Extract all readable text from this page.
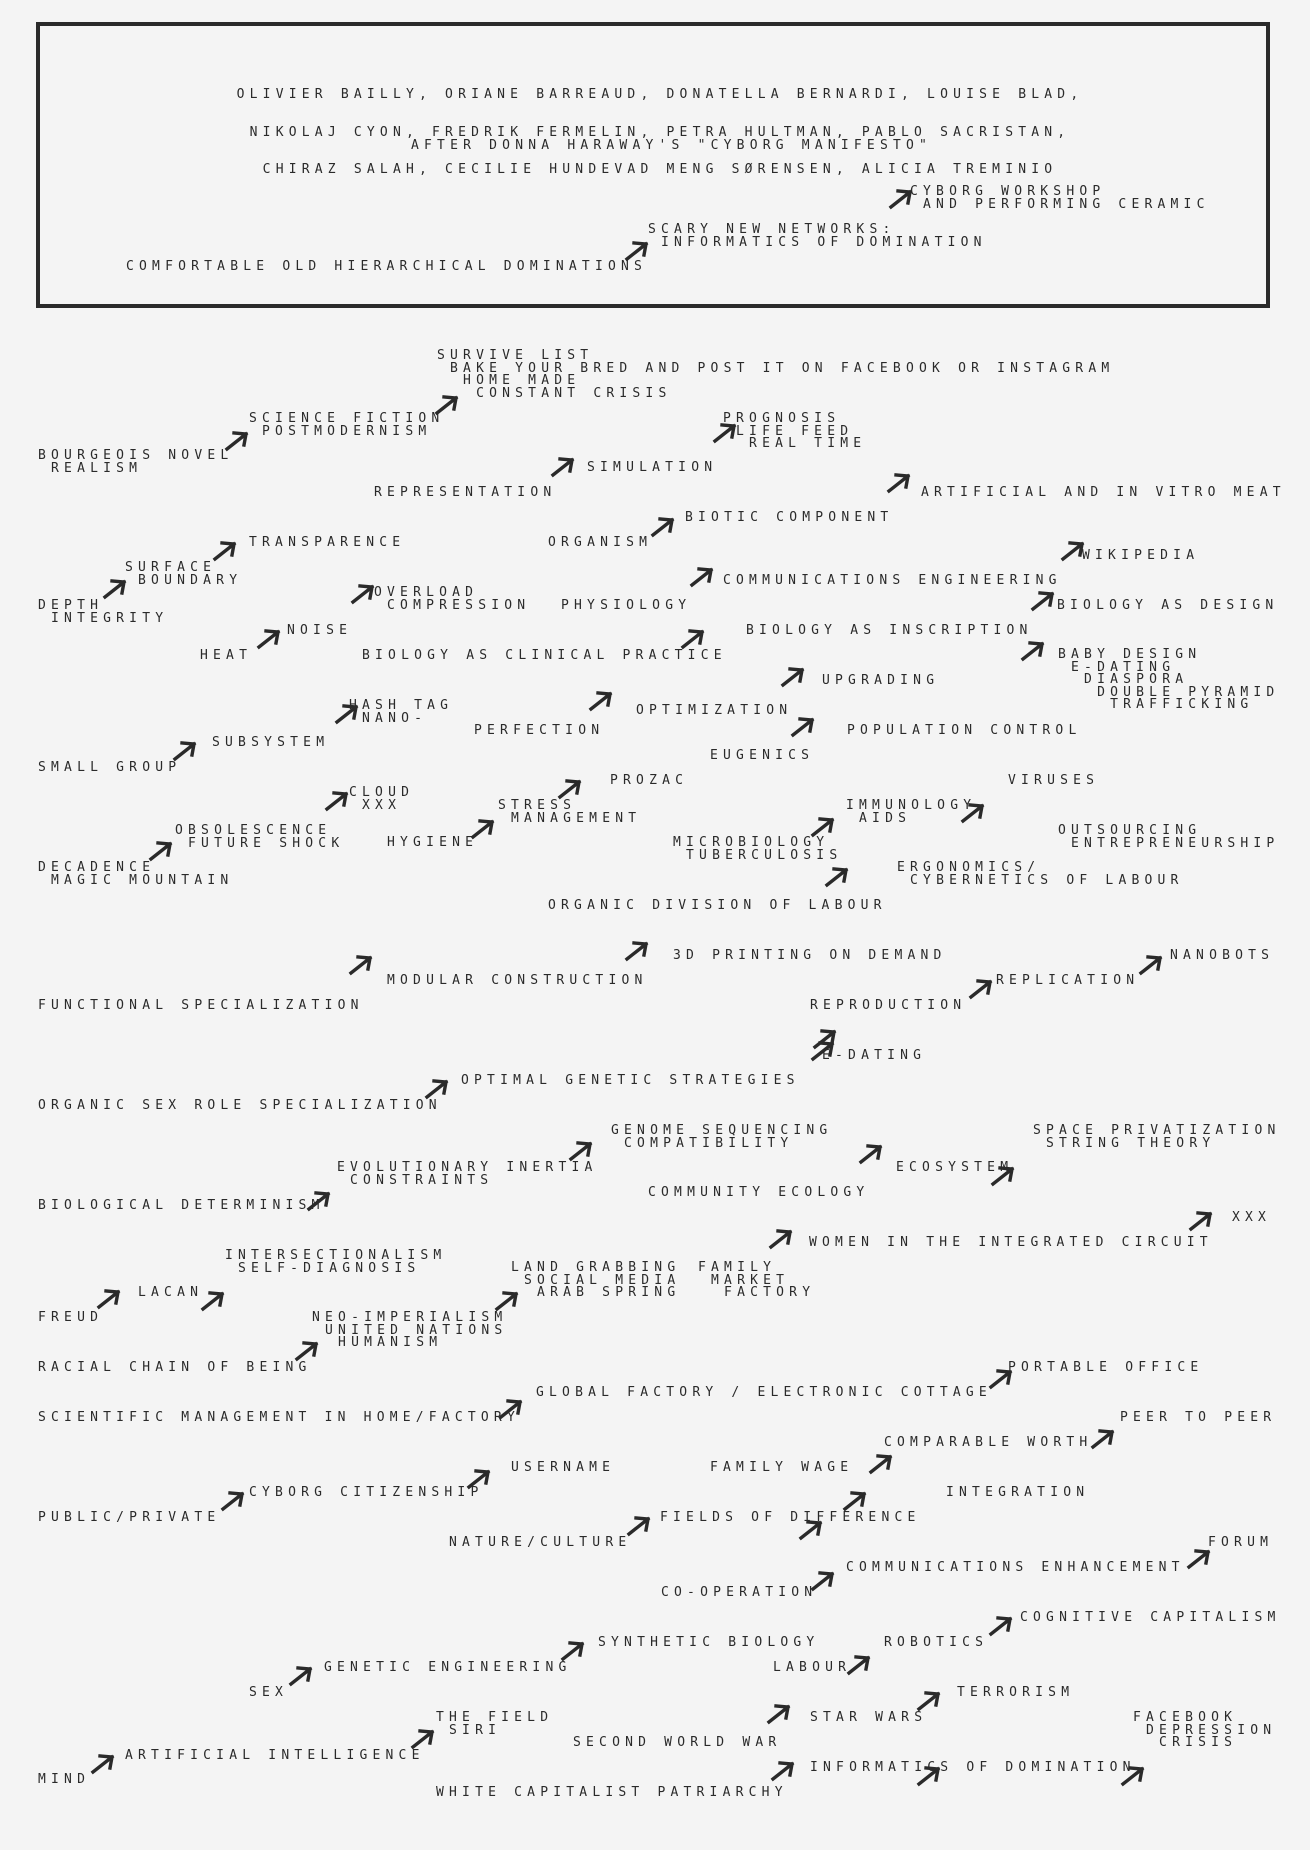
OLIVIER BAILLY, ORIANE BARREAUD, DONATELLA BERNARDI, LOUISE BLAD,

NIKOLAJ CYON, FREDRIK FERMELIN, PETRA HULTMAN, PABLO SACRISTAN,

CHIRAZ SALAH, CECILIE HUNDEVAD MENG SØRENSEN, ALICIA TREMINIO

AFTER DONNA HARAWAY'S "CYBORG MANIFESTO"
COMFORTABLE OLD HIERARCHICAL DOMINATIONS
SCARY NEW NETWORKS:
INFORMATICS OF DOMINATION
CYBORG WORKSHOP
AND PERFORMING CERAMIC
SURVIVE LIST
BAKE YOUR BRED AND POST IT ON FACEBOOK OR INSTAGRAM
HOME MADE
CONSTANT CRISIS
SCIENCE FICTION
POSTMODERNISM
BOURGEOIS NOVEL
REALISM
PROGNOSIS
LIFE FEED
REAL TIME
REPRESENTATION
SIMULATION
ARTIFICIAL AND IN VITRO MEAT
ORGANISM
BIOTIC COMPONENT
TRANSPARENCE
WIKIPEDIA
SURFACE
BOUNDARY
PHYSIOLOGY
COMMUNICATIONS ENGINEERING
OVERLOAD
COMPRESSION
DEPTH
INTEGRITY
BIOLOGY AS DESIGN
NOISE	BIOLOGY AS INSCRIPTION
HEAT	BIOLOGY AS CLINICAL PRACTICE	BABY DESIGN
E-DATING
DIASPORA
DOUBLE PYRAMID
TRAFFICKING
UPGRADING
HASH TAG
NANO-	OPTIMIZATION
PERFECTION	POPULATION CONTROL
SUBSYSTEM
EUGENICS
SMALL GROUP
PROZAC	VIRUSES
CLOUD
XXX	STRESS
MANAGEMENT
IMMUNOLOGY
AIDS
OBSOLESCENCE
FUTURE SHOCK	HYGIENE
OUTSOURCING
ENTREPRENEURSHIP
MICROBIOLOGY
TUBERCULOSIS
DECADENCE
MAGIC MOUNTAIN
ERGONOMICS/
CYBERNETICS OF LABOUR
ORGANIC DIVISION OF LABOUR
3D PRINTING ON DEMAND	NANOBOTS
MODULAR CONSTRUCTION	REPLICATION
FUNCTIONAL SPECIALIZATION	REPRODUCTION
E-DATING
OPTIMAL GENETIC STRATEGIES
ORGANIC SEX ROLE SPECIALIZATION
GENOME SEQUENCING
COMPATIBILITY
SPACE PRIVATIZATION
STRING THEORY
EVOLUTIONARY INERTIA
CONSTRAINTS
ECOSYSTEM
COMMUNITY ECOLOGY
BIOLOGICAL DETERMINISM
XXX
WOMEN IN THE INTEGRATED CIRCUIT
INTERSECTIONALISM
SELF-DIAGNOSIS	LAND GRABBING
SOCIAL MEDIA
ARAB SPRING
FAMILY
MARKET
FACTORY
LACAN
FREUD	NEO-IMPERIALISM
UNITED NATIONS
HUMANISM
RACIAL CHAIN OF BEING	PORTABLE OFFICE
GLOBAL FACTORY / ELECTRONIC COTTAGE
SCIENTIFIC MANAGEMENT IN HOME/FACTORY	PEER TO PEER
COMPARABLE WORTH
USERNAME	FAMILY WAGE
CYBORG CITIZENSHIP	INTEGRATION
PUBLIC/PRIVATE	FIELDS OF DIFFERENCE
NATURE/CULTURE	FORUM
COMMUNICATIONS ENHANCEMENT
CO-OPERATION
COGNITIVE CAPITALISM
SYNTHETIC BIOLOGY	ROBOTICS
GENETIC ENGINEERING	LABOUR
SEX	TERRORISM
THE FIELD
SIRI
STAR WARS	FACEBOOK
DEPRESSION
CRISIS
SECOND WORLD WAR
ARTIFICIAL INTELLIGENCE
INFORMATICS OF DOMINATION
MIND
WHITE CAPITALIST PATRIARCHY
